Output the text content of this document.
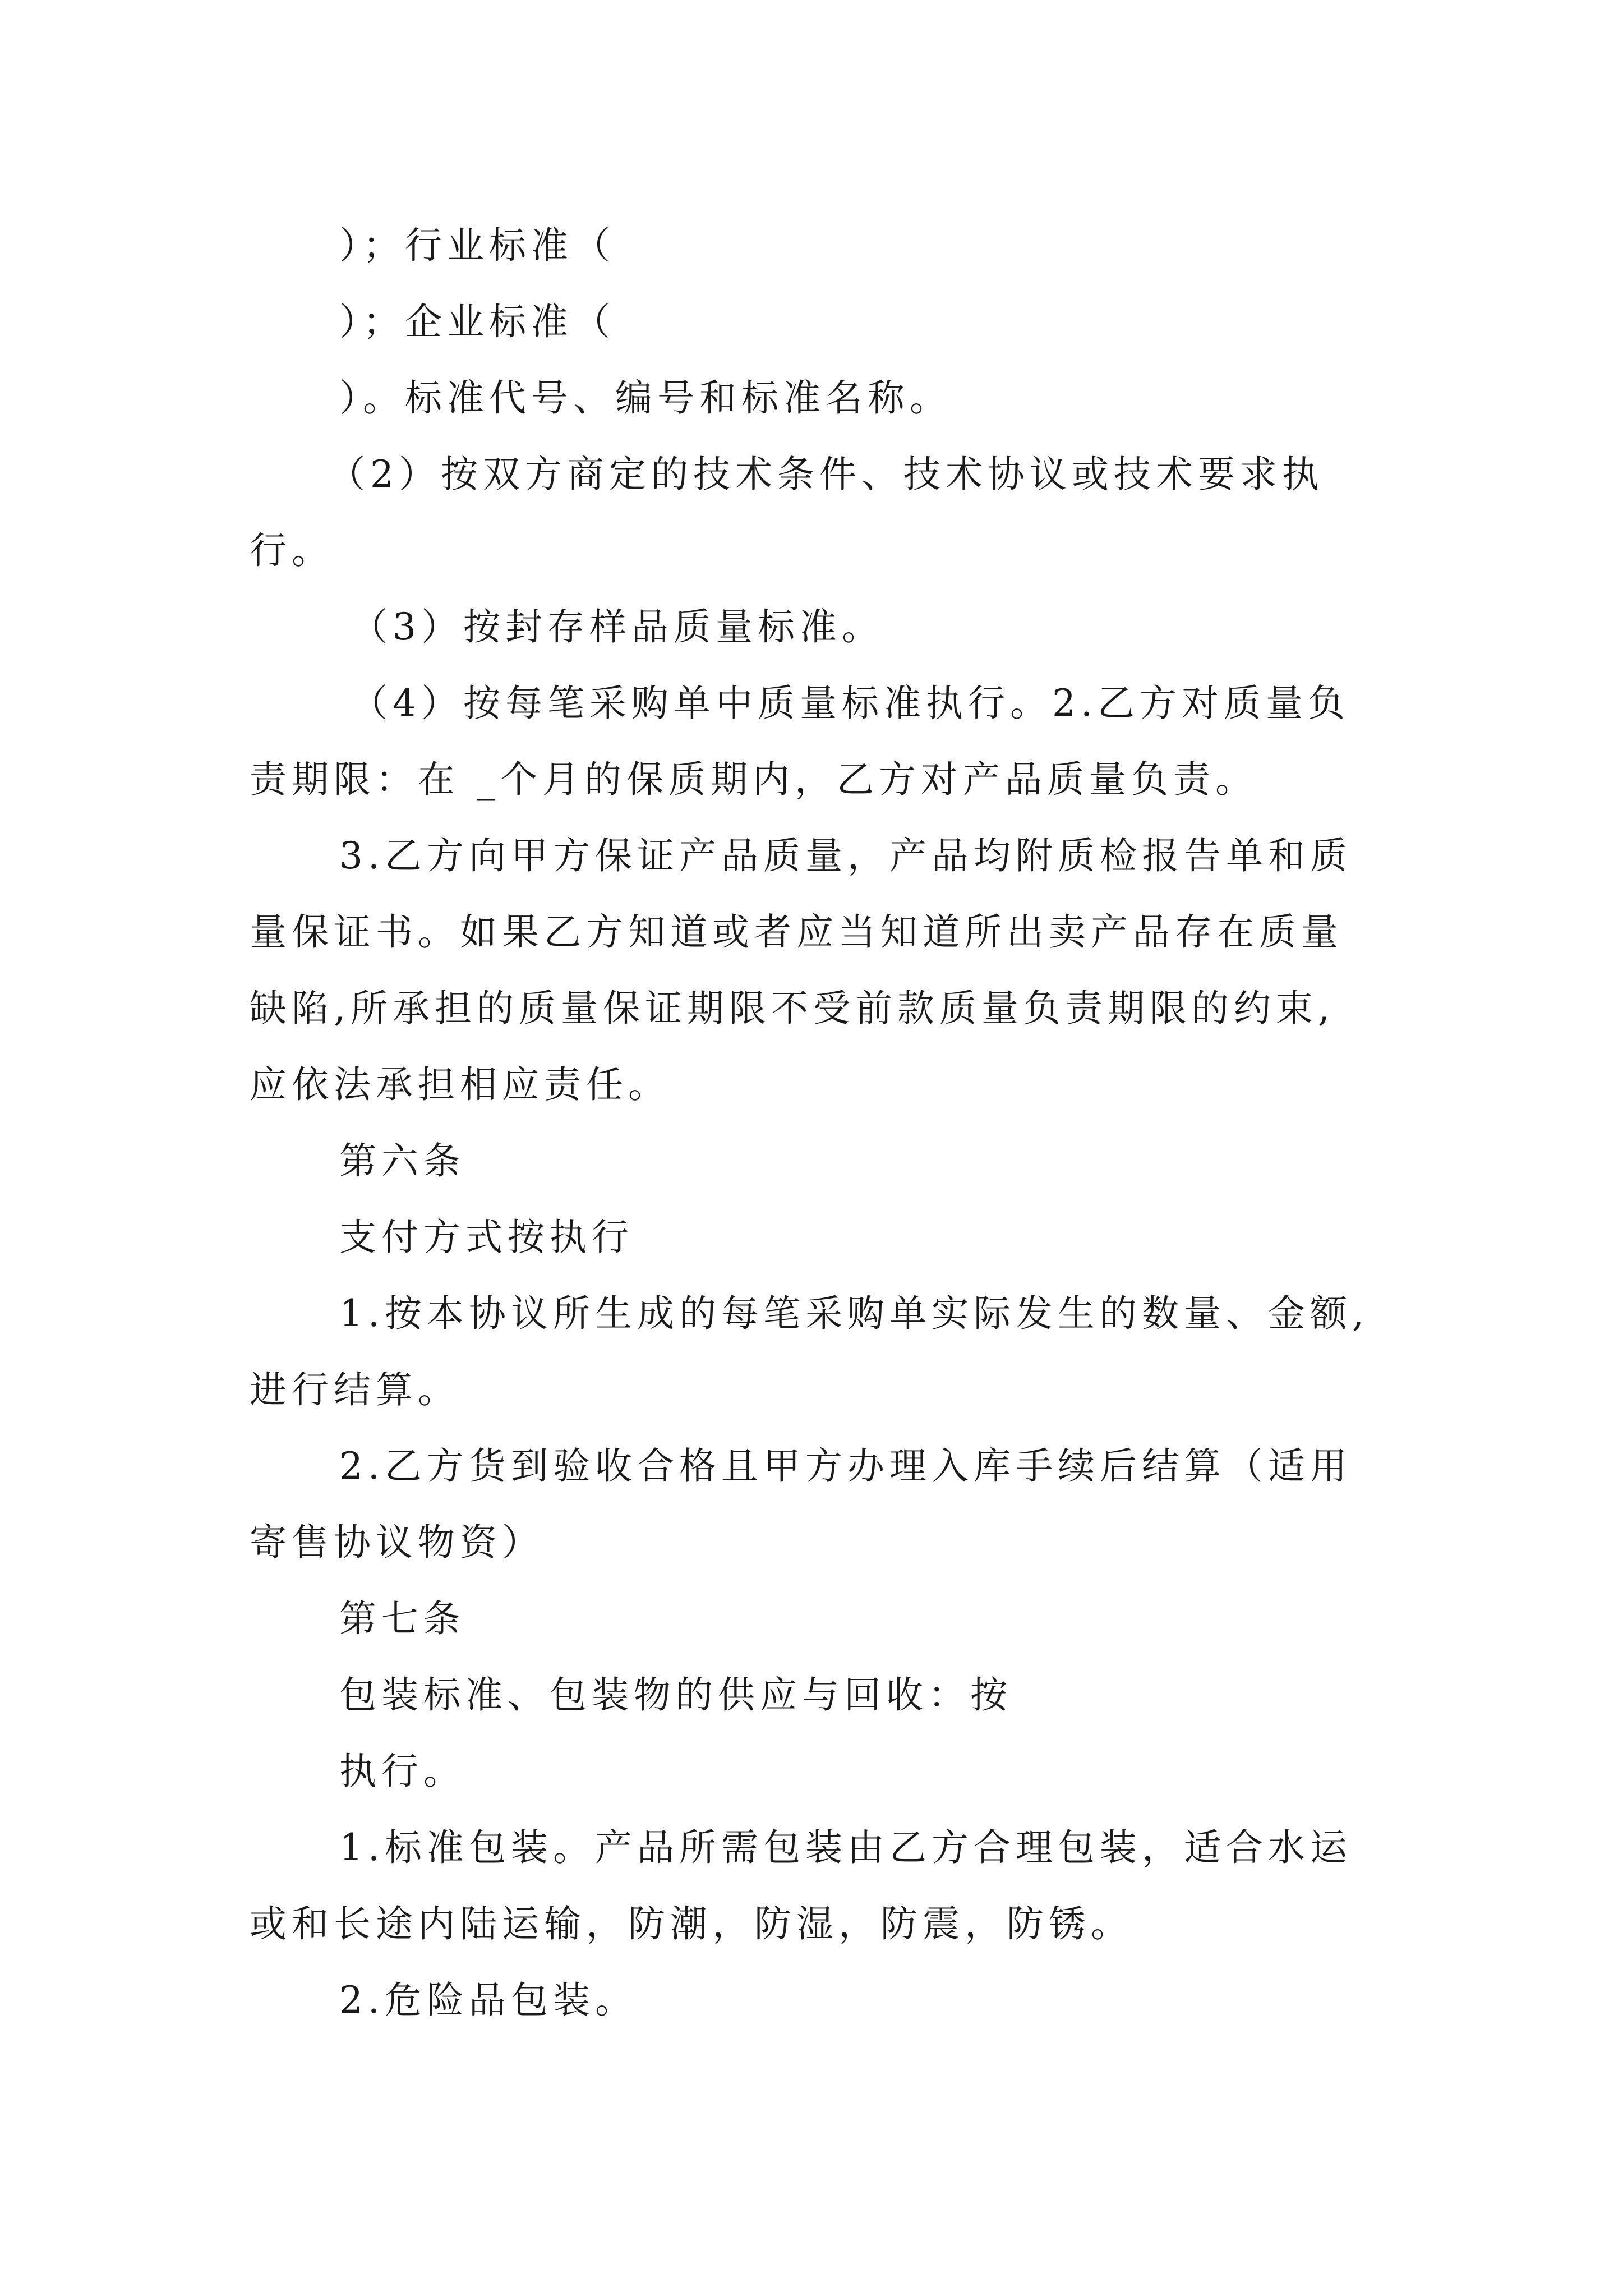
）；行业标准（
）；企业标准（
）。标准代号、编号和标准名称。
（2）按双方商定的技术条件、技术协议或技术要求执
行。
（3）按封存样品质量标准。
（4）按每笔采购单中质量标准执行。2.乙方对质量负
责期限：在 _个月的保质期内，乙方对产品质量负责。
3.乙方向甲方保证产品质量，产品均附质检报告单和质
量保证书。如果乙方知道或者应当知道所出卖产品存在质量
缺陷,所承担的质量保证期限不受前款质量负责期限的约束,
应依法承担相应责任。
第六条
支付方式按执行
1.按本协议所生成的每笔采购单实际发生的数量、金额,
进行结算。
2.乙方货到验收合格且甲方办理入库手续后结算（适用
寄售协议物资）
第七条
包装标准、包装物的供应与回收：按
执行。
1.标准包装。产品所需包装由乙方合理包装，适合水运
或和长途内陆运输，防潮，防湿，防震，防锈。
2.危险品包装。
